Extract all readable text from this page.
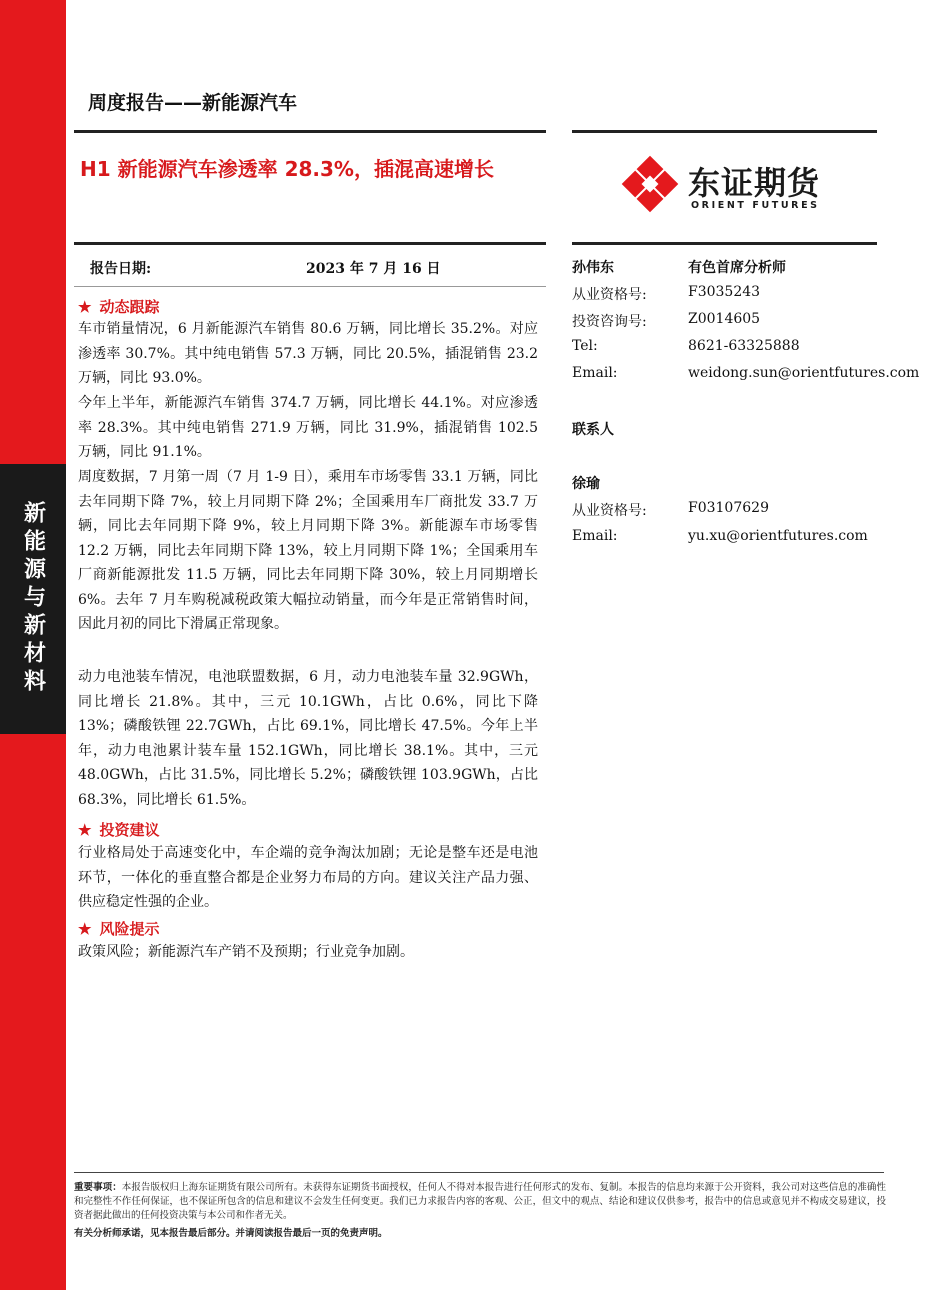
新能源与新材料
周度报告——新能源汽车
H1 新能源汽车渗透率 28.3%，插混高速增长	东证期货
ORIENT FUTURES
报告日期:	2023 年 7 月 16 日
★ 动态跟踪
车市销量情况，6 月新能源汽车销售 80.6 万辆，同比增长 35.2%。对应渗透率 30.7%。其中纯电销售 57.3 万辆，同比 20.5%，插混销售 23.2 万辆，同比 93.0%。
今年上半年，新能源汽车销售 374.7 万辆，同比增长 44.1%。对应渗透率 28.3%。其中纯电销售 271.9 万辆，同比 31.9%，插混销售 102.5 万辆，同比 91.1%。
周度数据，7 月第一周（7 月 1-9 日），乘用车市场零售 33.1 万辆，同比去年同期下降 7%，较上月同期下降 2%；全国乘用车厂商批发 33.7 万辆，同比去年同期下降 9%，较上月同期下降 3%。新能源车市场零售 12.2 万辆，同比去年同期下降 13%，较上月同期下降 1%；全国乘用车厂商新能源批发 11.5 万辆，同比去年同期下降 30%，较上月同期增长 6%。去年 7 月车购税减税政策大幅拉动销量，而今年是正常销售时间，因此月初的同比下滑属正常现象。
动力电池装车情况，电池联盟数据，6 月，动力电池装车量 32.9GWh，同比增长 21.8%。其中，三元 10.1GWh，占比 0.6%，同比下降 13%；磷酸铁锂 22.7GWh，占比 69.1%，同比增长 47.5%。今年上半年，动力电池累计装车量 152.1GWh，同比增长 38.1%。其中，三元 48.0GWh，占比 31.5%，同比增长 5.2%；磷酸铁锂 103.9GWh，占比 68.3%，同比增长 61.5%。
★ 投资建议
行业格局处于高速变化中，车企端的竞争淘汰加剧；无论是整车还是电池环节，一体化的垂直整合都是企业努力布局的方向。建议关注产品力强、供应稳定性强的企业。
★ 风险提示
政策风险；新能源汽车产销不及预期；行业竞争加剧。
孙伟东	有色首席分析师
从业资格号:	F3035243
投资咨询号:	Z0014605
Tel:	8621-63325888
Email:	weidong.sun@orientfutures.com
联系人
徐瑜
从业资格号:	F03107629
Email:	yu.xu@orientfutures.com
重要事项：本报告版权归上海东证期货有限公司所有。未获得东证期货书面授权，任何人不得对本报告进行任何形式的发布、复制。本报告的信息均来源于公开资料，我公司对这些信息的准确性和完整性不作任何保证，也不保证所包含的信息和建议不会发生任何变更。我们已力求报告内容的客观、公正，但文中的观点、结论和建议仅供参考，报告中的信息或意见并不构成交易建议，投资者据此做出的任何投资决策与本公司和作者无关。
有关分析师承诺，见本报告最后部分。并请阅读报告最后一页的免责声明。
